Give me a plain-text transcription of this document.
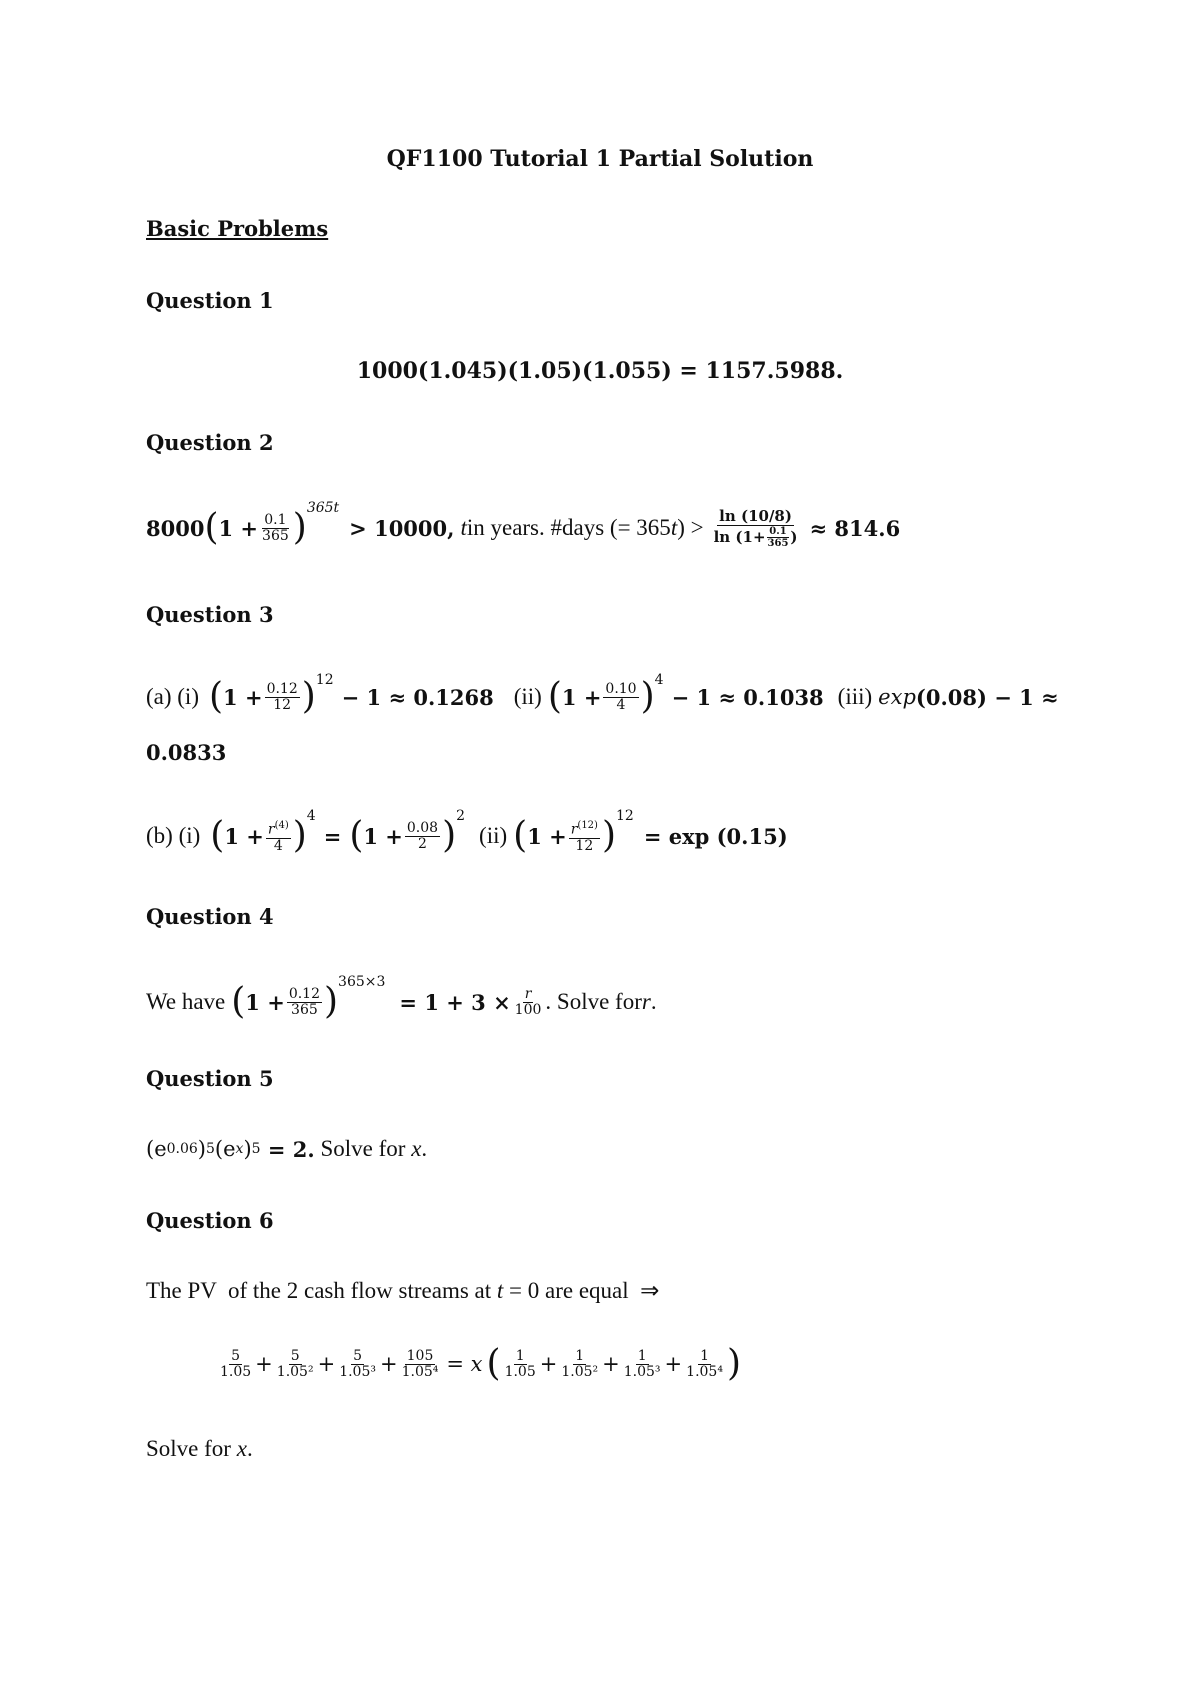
QF1100 Tutorial 1 Partial Solution
Basic Problems
Question 1
1000(1.045)(1.05)(1.055) = 1157.5988.
Question 2
8000 ( $1 + \frac{0.1}{365} )^{365t}$
> 10000, t in years. #days (= 365 t ) > $\frac{\ln (10/8)}{\ln (1+ \frac{0.1}{365} )} \approx 814.6$
Question 3
(a) (i) ( $1 + \frac{0.12}{12} )^{12}$
− 1 ≈ 0.1268 (ii) ( $1 + \frac{0.10}{4} )^4$
− 1 ≈ 0.1038 (iii) exp (0.08) − 1 ≈
0.0833
(b) (i) ( $1 + \frac{r^{(4)}}{4} )^4$
= ( $1 + \frac{0.08}{2} )^2$
(ii) ( $1 + \frac{r^{(12)}}{12} )^{12}$
= exp (0.15)
Question 4
We have ( $1 + \frac{0.12}{365} )^{365\times 3}$
= $1 + 3 \times \frac{r}{100}$ . Solve for r .
Question 5
(e 0.06 ) 5 (e x ) 5 = 2. Solve for x .
Question 6
The PV  of the 2 cash flow streams at t = 0 are equal  ⇒
$\frac{5}{1.05} + \frac{5}{\text{1.05²}} + \frac{5}{\text{1.05³}} + \frac{105}{\text{1.05⁴}} = x$ ( $\frac{1}{1.05} + \frac{1}{\text{1.05²}} + \frac{1}{\text{1.05³}} + \frac{1}{\text{1.05⁴}}$ )
Solve for x.
